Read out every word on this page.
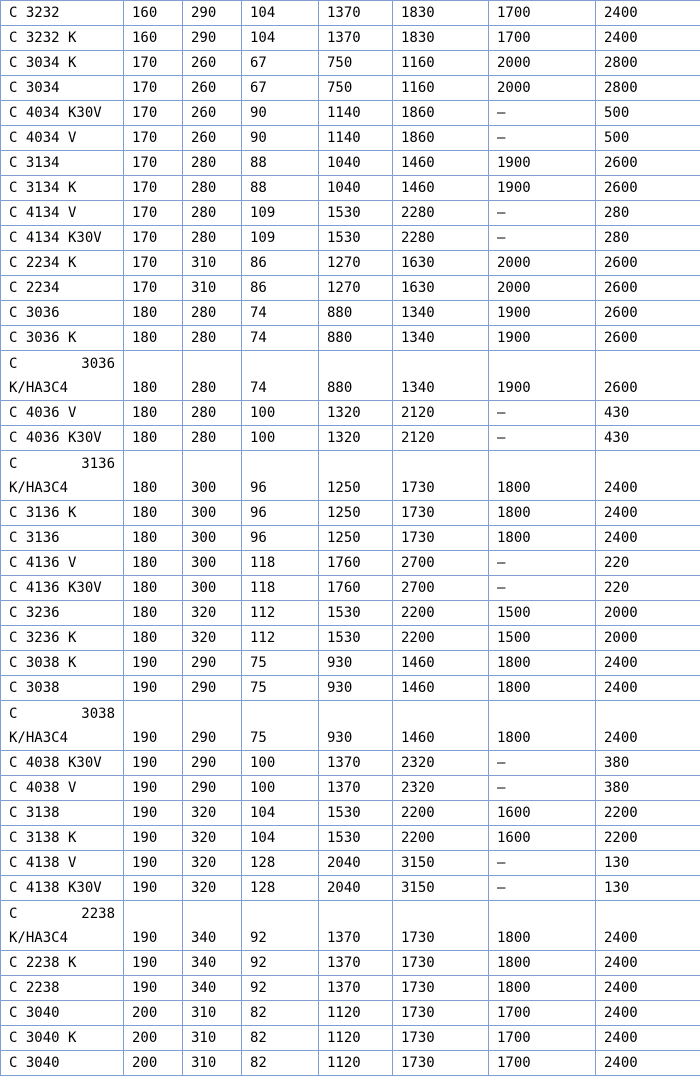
C 3232	160	290	104	1370	1830	1700	2400
C 3232 K	160	290	104	1370	1830	1700	2400
C 3034 K	170	260	67	750	1160	2000	2800
C 3034	170	260	67	750	1160	2000	2800
C 4034 K30V	170	260	90	1140	1860	–	500
C 4034 V	170	260	90	1140	1860	–	500
C 3134	170	280	88	1040	1460	1900	2600
C 3134 K	170	280	88	1040	1460	1900	2600
C 4134 V	170	280	109	1530	2280	–	280
C 4134 K30V	170	280	109	1530	2280	–	280
C 2234 K	170	310	86	1270	1630	2000	2600
C 2234	170	310	86	1270	1630	2000	2600
C 3036	180	280	74	880	1340	1900	2600
C 3036 K	180	280	74	880	1340	1900	2600

C 3036
K/HA3C4	180	280	74	880	1340	1900	2600
C 4036 V	180	280	100	1320	2120	–	430
C 4036 K30V	180	280	100	1320	2120	–	430

C 3136
K/HA3C4	180	300	96	1250	1730	1800	2400
C 3136 K	180	300	96	1250	1730	1800	2400
C 3136	180	300	96	1250	1730	1800	2400
C 4136 V	180	300	118	1760	2700	–	220
C 4136 K30V	180	300	118	1760	2700	–	220
C 3236	180	320	112	1530	2200	1500	2000
C 3236 K	180	320	112	1530	2200	1500	2000
C 3038 K	190	290	75	930	1460	1800	2400
C 3038	190	290	75	930	1460	1800	2400

C 3038
K/HA3C4	190	290	75	930	1460	1800	2400
C 4038 K30V	190	290	100	1370	2320	–	380
C 4038 V	190	290	100	1370	2320	–	380
C 3138	190	320	104	1530	2200	1600	2200
C 3138 K	190	320	104	1530	2200	1600	2200
C 4138 V	190	320	128	2040	3150	–	130
C 4138 K30V	190	320	128	2040	3150	–	130

C 2238
K/HA3C4	190	340	92	1370	1730	1800	2400
C 2238 K	190	340	92	1370	1730	1800	2400
C 2238	190	340	92	1370	1730	1800	2400
C 3040	200	310	82	1120	1730	1700	2400
C 3040 K	200	310	82	1120	1730	1700	2400
C 3040	200	310	82	1120	1730	1700	2400
